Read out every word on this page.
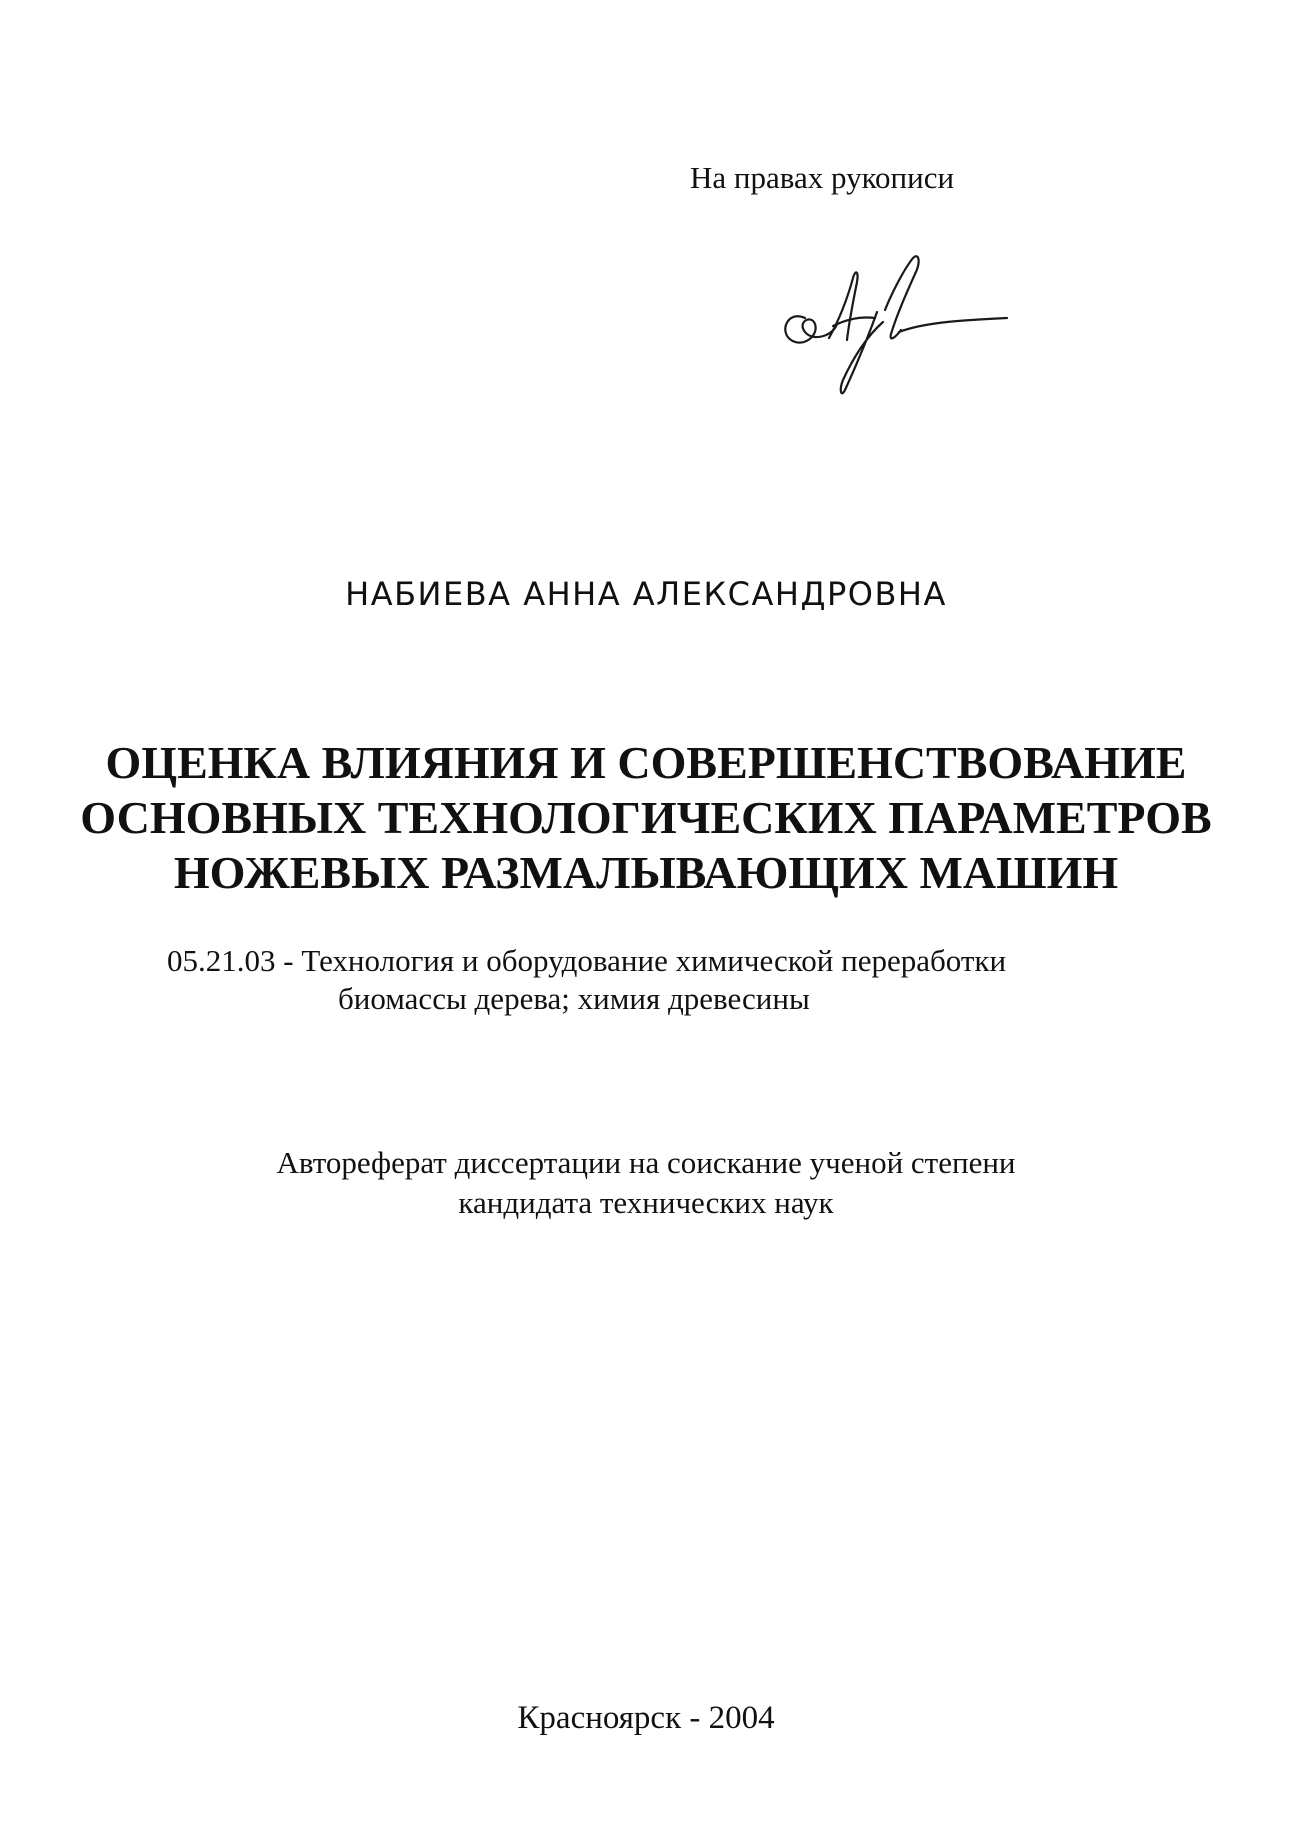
На правах рукописи
НАБИЕВА АННА АЛЕКСАНДРОВНА
ОЦЕНКА ВЛИЯНИЯ И СОВЕРШЕНСТВОВАНИЕ
ОСНОВНЫХ ТЕХНОЛОГИЧЕСКИХ ПАРАМЕТРОВ
НОЖЕВЫХ РАЗМАЛЫВАЮЩИХ МАШИН
05.21.03 - Технология и оборудование химической переработки
биомассы дерева; химия древесины
Автореферат диссертации на соискание ученой степени
кандидата технических наук
Красноярск - 2004
